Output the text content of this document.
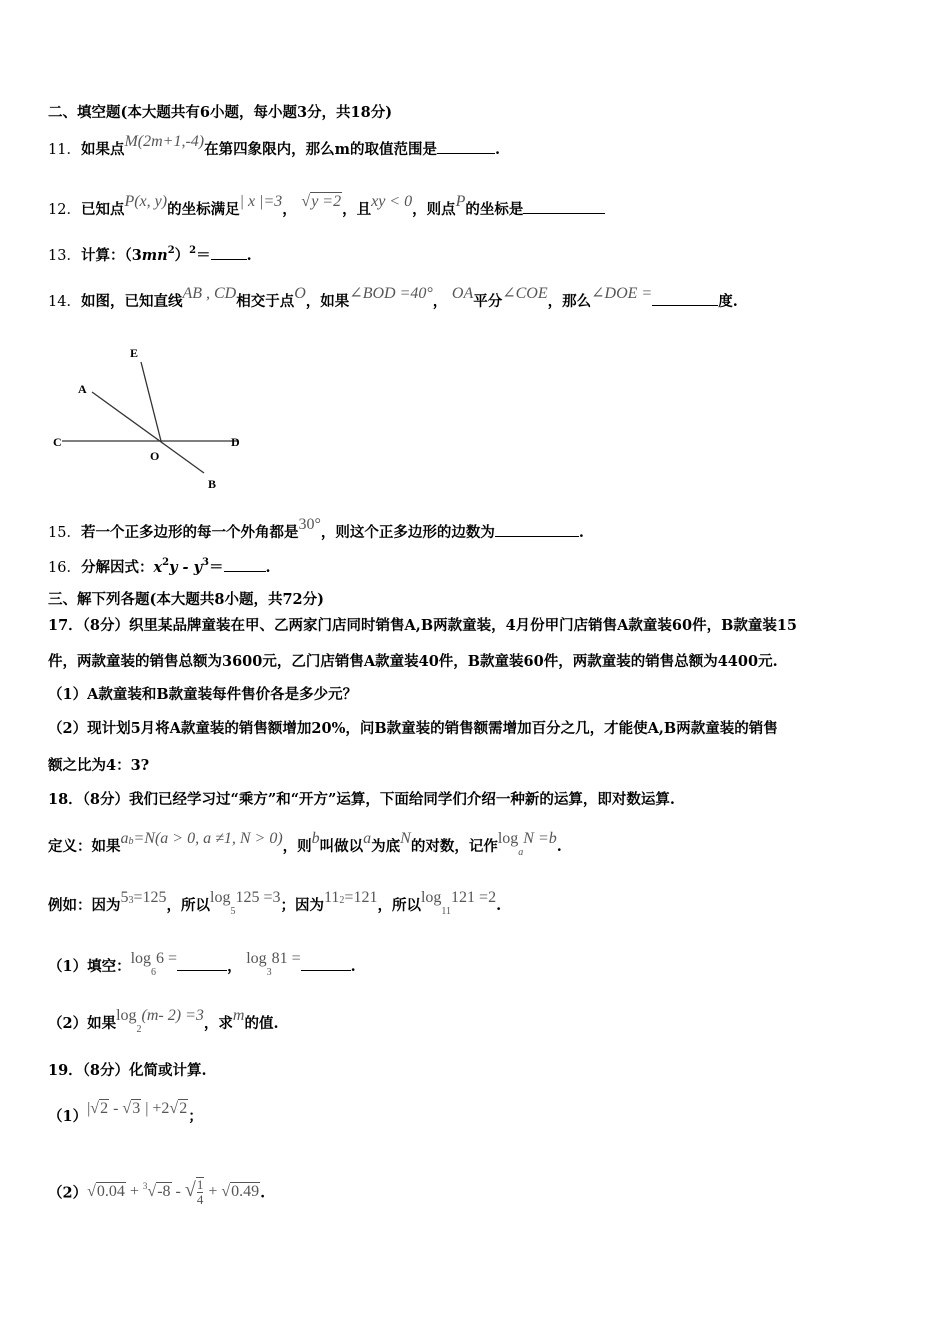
二、填空题(本大题共有6小题，每小题3分，共18分)
11．如果点M(2m+1,-4)在第四象限内，那么m的取值范围是	.
12．已知点P(x, y)的坐标满足| x |=3， √y =2，且xy < 0，则点P的坐标是
13．计算：$(3mn^2)^2=$ .
14．如图，已知直线AB , CD相交于点O，如果∠BOD =40°， OA平分∠COE，那么∠DOE =	度.
E
A
C
O
D
B
15．若一个正多边形的每一个外角都是30°，则这个正多边形的边数为	.
16．分解因式：$x^2y - y^3=$	.
三、解下列各题(本大题共8小题，共72分)
17．（8分）织里某品牌童装在甲、乙两家门店同时销售A,B两款童装，4月份甲门店销售A款童装60件，B款童装15
件，两款童装的销售总额为3600元，乙门店销售A款童装40件，B款童装60件，两款童装的销售总额为4400元.
（1）A款童装和B款童装每件售价各是多少元？
（2）现计划5月将A款童装的销售额增加20%，问B款童装的销售额需增加百分之几，才能使A,B两款童装的销售
额之比为4：3?
18．（8分）我们已经学习过“乘方”和“开方”运算，下面给同学们介绍一种新的运算，即对数运算.
定义：如果$a^b=N(a > 0$, a ≠1, N > 0)，则b叫做以a为底N的对数，记作$\log_aN =b$.
例如：因为$5^3=125$，所以$\log_5125 =3$；因为$11^2=121$，所以$\log_{11}121 =2$.
（1）填空：$\log_66$ =	， $\log_381$ =	.
（2）如果$\log_2(m-$ 2) =3，求m的值.
19．（8分）化简或计算.
（1）|√2 - √3 | +2√2；
（2）√0.04 + $^3$√-8 - √ $\frac{1}{4} + √0.49$.
